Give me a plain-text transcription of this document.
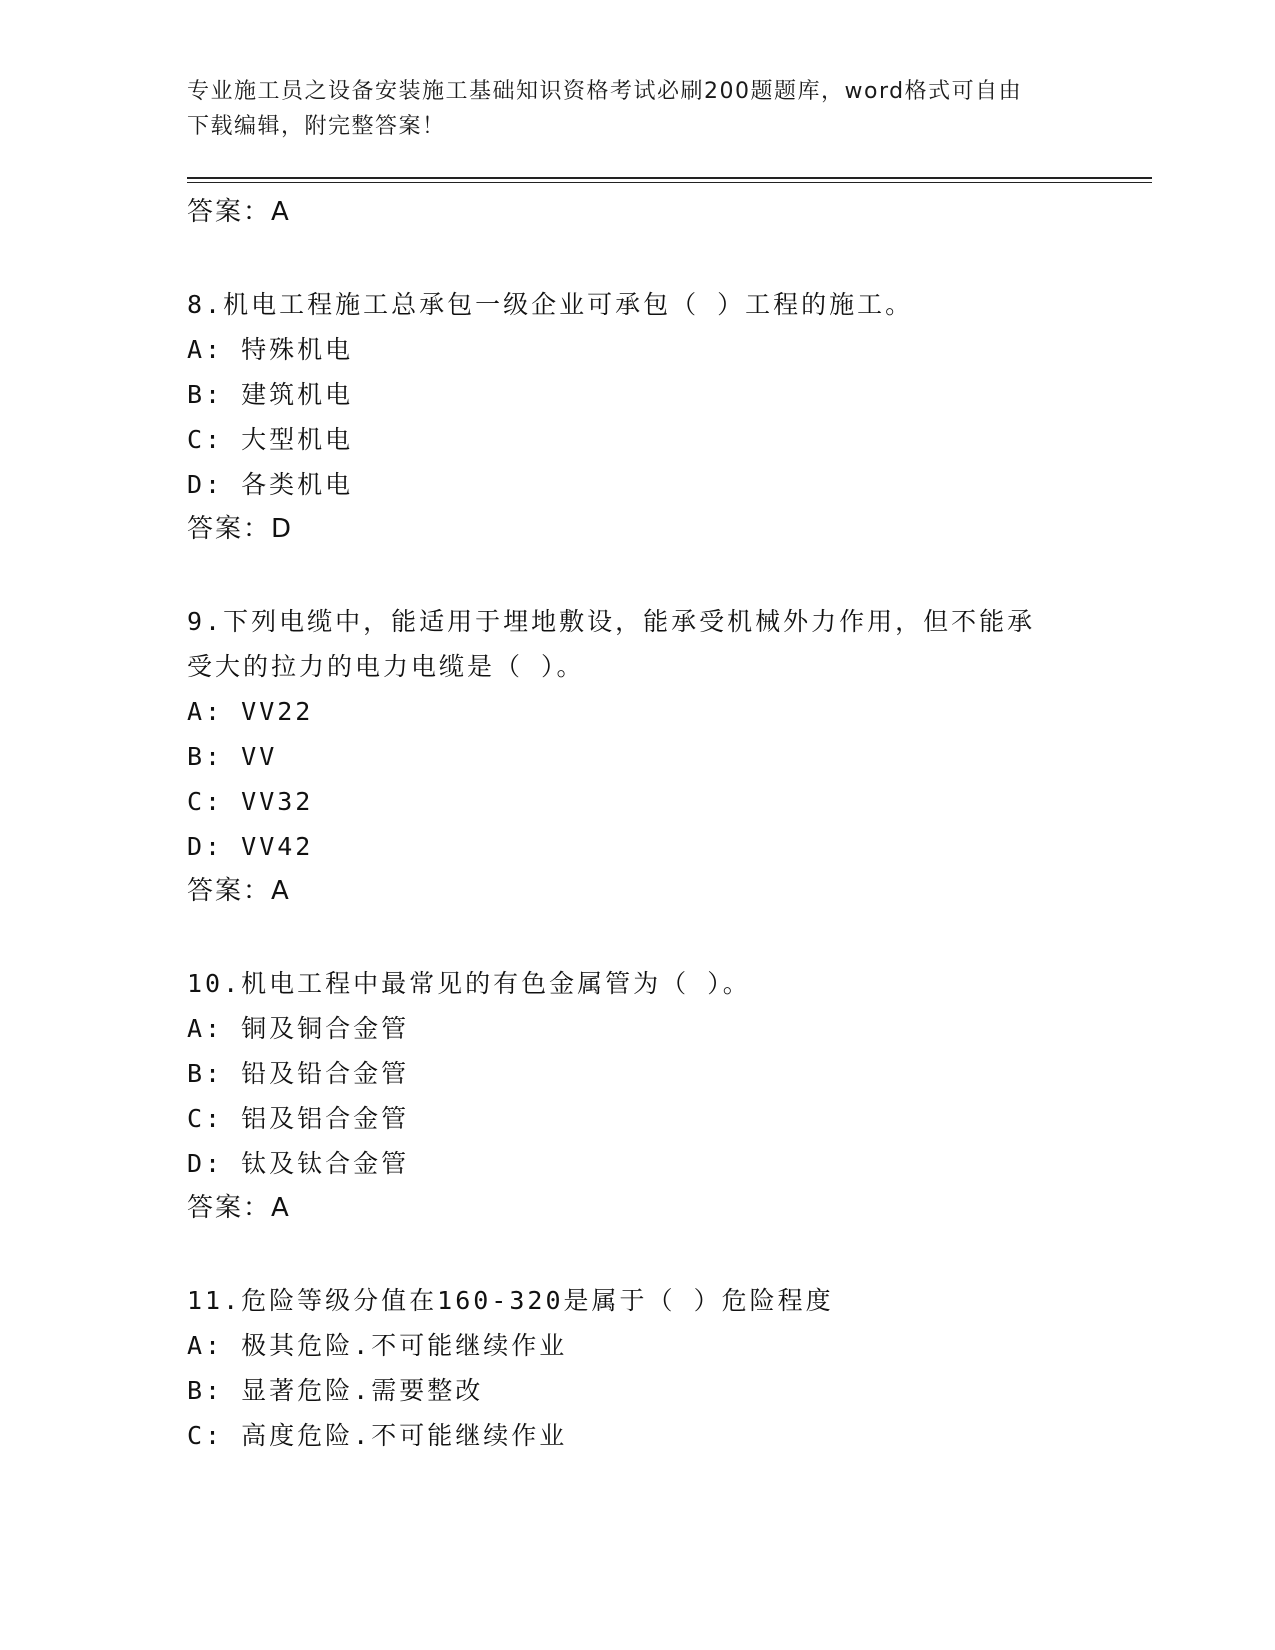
专业施工员之设备安装施工基础知识资格考试必刷200题题库，word格式可自由
下载编辑，附完整答案！
答案：A
8.机电工程施工总承包一级企业可承包（ ）工程的施工。
A: 特殊机电
B: 建筑机电
C: 大型机电
D: 各类机电
答案：D
9.下列电缆中，能适用于埋地敷设，能承受机械外力作用，但不能承
受大的拉力的电力电缆是（ ）。
A: VV22
B: VV
C: VV32
D: VV42
答案：A
10.机电工程中最常见的有色金属管为（ ）。
A: 铜及铜合金管
B: 铅及铅合金管
C: 铝及铝合金管
D: 钛及钛合金管
答案：A
11.危险等级分值在160-320是属于（ ）危险程度
A: 极其危险.不可能继续作业
B: 显著危险.需要整改
C: 高度危险.不可能继续作业
